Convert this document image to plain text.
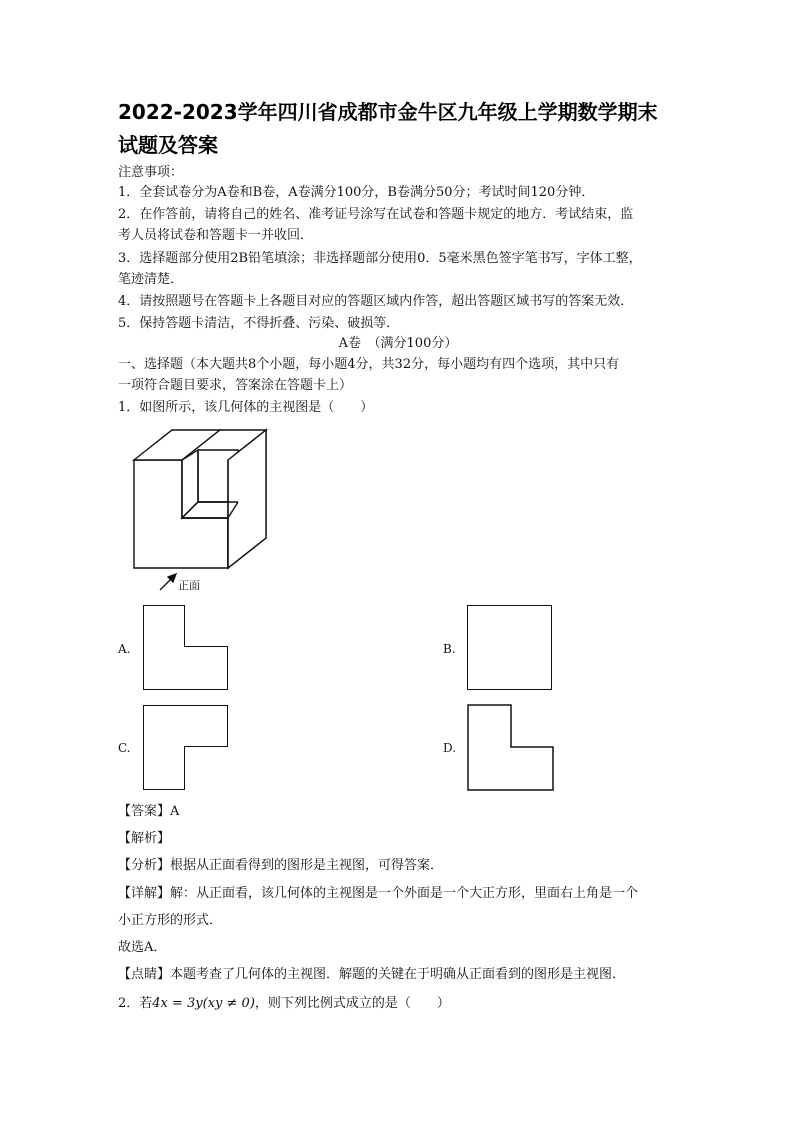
2022-2023学年四川省成都市金牛区九年级上学期数学期末
试题及答案
注意事项：
1．全套试卷分为A卷和B卷，A卷满分100分，B卷满分50分；考试时间120分钟．
2．在作答前，请将自己的姓名、准考证号涂写在试卷和答题卡规定的地方．考试结束，监
考人员将试卷和答题卡一并收回．
3．选择题部分使用2B铅笔填涂；非选择题部分使用0．5毫米黑色签字笔书写，字体工整，
笔迹清楚．
4．请按照题号在答题卡上各题目对应的答题区域内作答，超出答题区域书写的答案无效．
5．保持答题卡清洁，不得折叠、污染、破损等．
A卷　（满分100分）
一、选择题（本大题共8个小题，每小题4分，共32分，每小题均有四个选项，其中只有
一项符合题目要求，答案涂在答题卡上）
1．如图所示，该几何体的主视图是（　　）
正面
A.	B.
C.	D.
【答案】A
【解析】
【分析】根据从正面看得到的图形是主视图，可得答案．
【详解】解：从正面看，该几何体的主视图是一个外面是一个大正方形，里面右上角是一个
小正方形的形式．
故选A．
【点睛】本题考查了几何体的主视图．解题的关键在于明确从正面看到的图形是主视图．
2．若4x = 3y(xy ≠ 0)，则下列比例式成立的是（　　）
